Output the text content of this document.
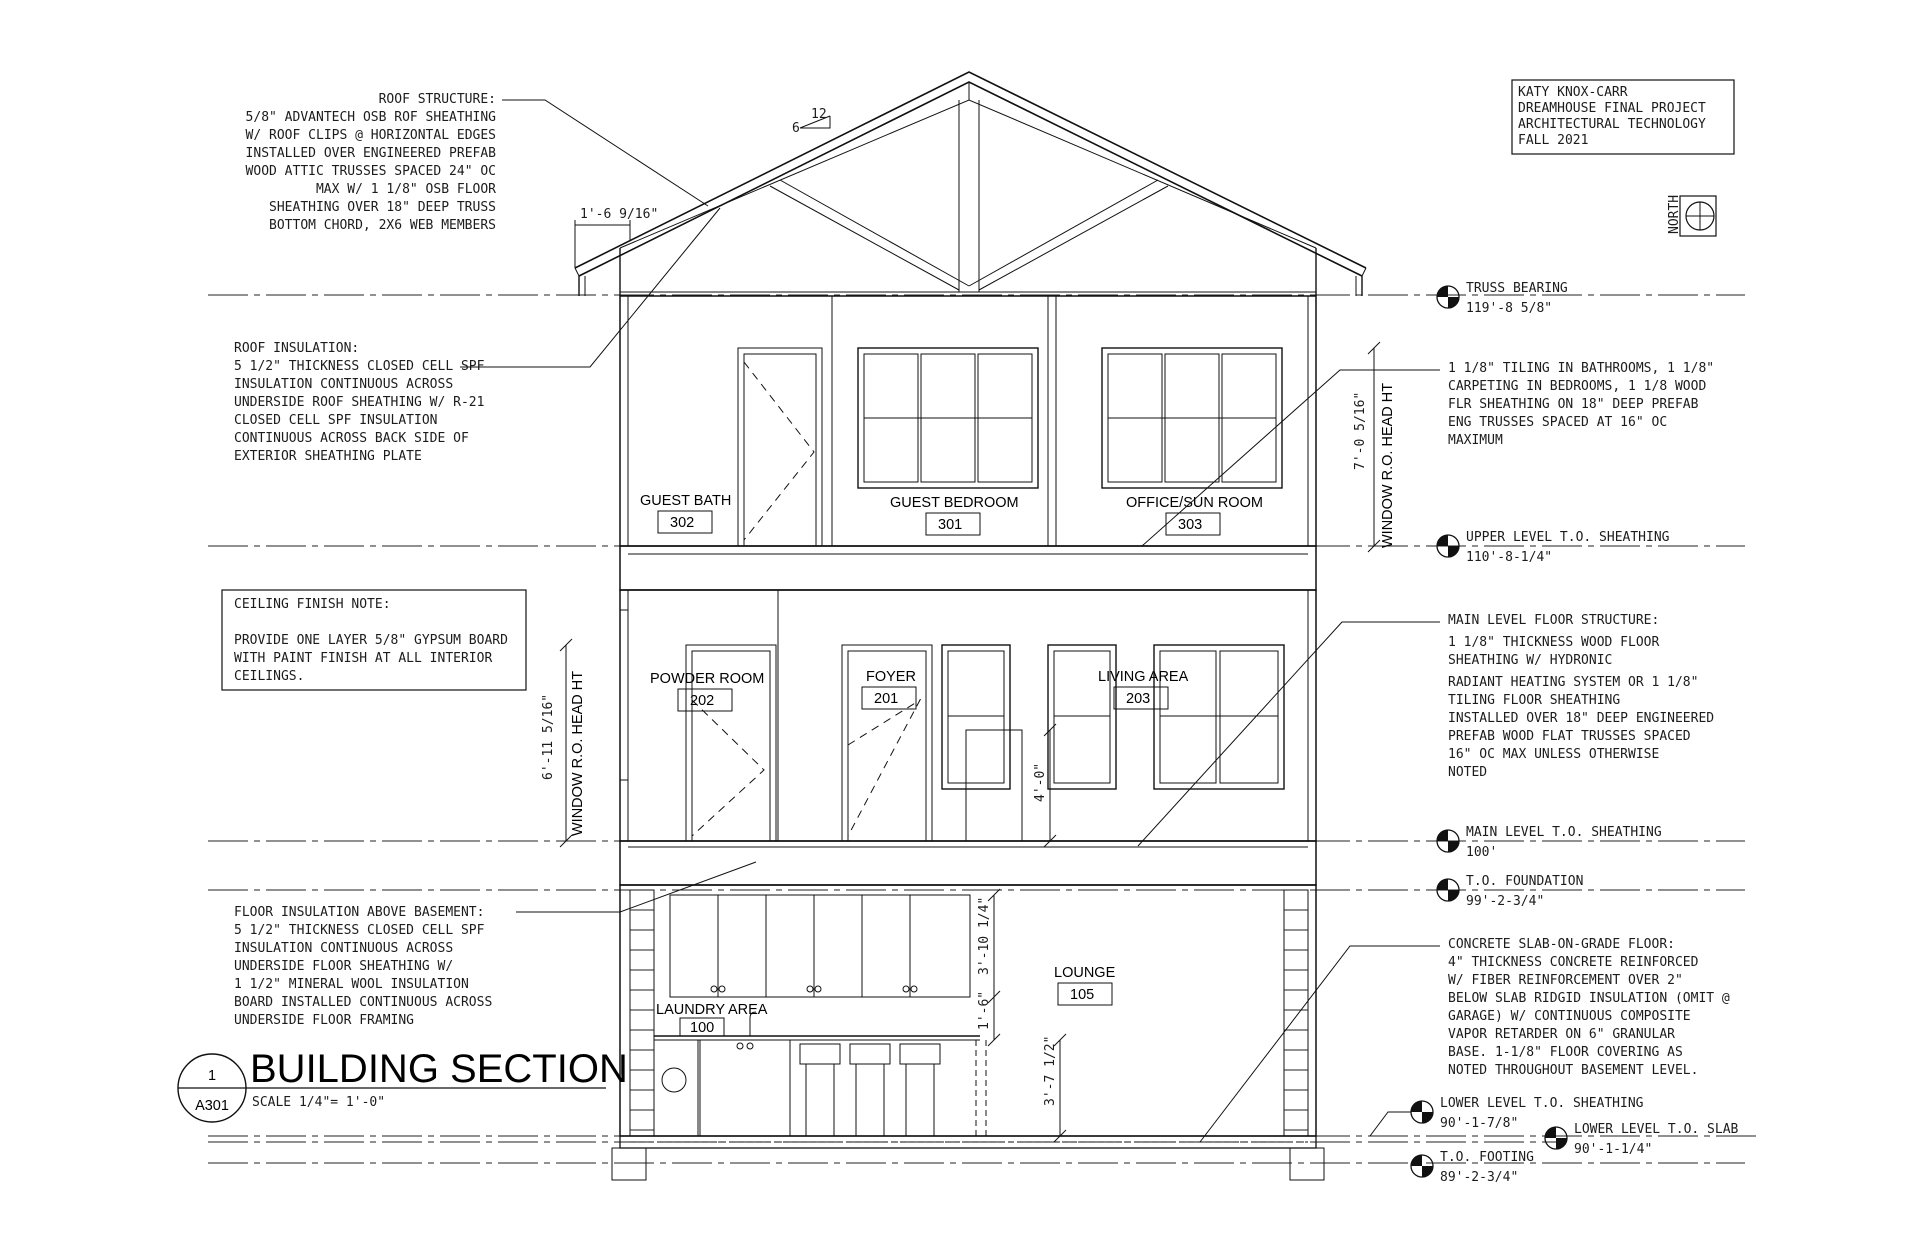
KATY KNOX-CARR
DREAMHOUSE FINAL PROJECT
ARCHITECTURAL TECHNOLOGY
FALL 2021
NORTH
12
6
1'-6 9/16"
GUEST BATH
302
GUEST BEDROOM
301
OFFICE/SUN ROOM
303
POWDER ROOM
202
FOYER
201
LIVING AREA
203
LOUNGE
105
LAUNDRY AREA
100
7'-0 5/16" WINDOW R.O. HEAD HT
6'-11 5/16" WINDOW R.O. HEAD HT	4'-0"
3'-10 1/4"
1'-6"
3'-7 1/2"
ROOF STRUCTURE:
5/8" ADVANTECH OSB ROF SHEATHING
W/ ROOF CLIPS @ HORIZONTAL EDGES
INSTALLED OVER ENGINEERED PREFAB
WOOD ATTIC TRUSSES SPACED 24" OC
MAX W/ 1 1/8" OSB FLOOR
SHEATHING OVER 18" DEEP TRUSS
BOTTOM CHORD, 2X6 WEB MEMBERS
ROOF INSULATION:
5 1/2" THICKNESS CLOSED CELL SPF
INSULATION CONTINUOUS ACROSS
UNDERSIDE ROOF SHEATHING W/ R-21
CLOSED CELL SPF INSULATION
CONTINUOUS ACROSS BACK SIDE OF
EXTERIOR SHEATHING PLATE
CEILING FINISH NOTE:
PROVIDE ONE LAYER 5/8" GYPSUM BOARD
WITH PAINT FINISH AT ALL INTERIOR
CEILINGS.
FLOOR INSULATION ABOVE BASEMENT:
5 1/2" THICKNESS CLOSED CELL SPF
INSULATION CONTINUOUS ACROSS
UNDERSIDE FLOOR SHEATHING W/
1 1/2" MINERAL WOOL INSULATION
BOARD INSTALLED CONTINUOUS ACROSS
UNDERSIDE FLOOR FRAMING
1 1/8" TILING IN BATHROOMS, 1 1/8"
CARPETING IN BEDROOMS, 1 1/8 WOOD
FLR SHEATHING ON 18" DEEP PREFAB
ENG TRUSSES SPACED AT 16" OC
MAXIMUM
MAIN LEVEL FLOOR STRUCTURE:
1 1/8" THICKNESS WOOD FLOOR
SHEATHING W/ HYDRONIC
RADIANT HEATING SYSTEM OR 1 1/8"
TILING FLOOR SHEATHING
INSTALLED OVER 18" DEEP ENGINEERED
PREFAB WOOD FLAT TRUSSES SPACED
16" OC MAX UNLESS OTHERWISE
NOTED
CONCRETE SLAB-ON-GRADE FLOOR:
4" THICKNESS CONCRETE REINFORCED
W/ FIBER REINFORCEMENT OVER 2"
BELOW SLAB RIDGID INSULATION (OMIT @
GARAGE) W/ CONTINUOUS COMPOSITE
VAPOR RETARDER ON 6" GRANULAR
BASE. 1-1/8" FLOOR COVERING AS
NOTED THROUGHOUT BASEMENT LEVEL.
TRUSS BEARING
119'-8 5/8"
UPPER LEVEL T.O. SHEATHING
110'-8-1/4"
MAIN LEVEL T.O. SHEATHING
100'
T.O. FOUNDATION
99'-2-3/4"
LOWER LEVEL T.O. SHEATHING
90'-1-7/8"	LOWER LEVEL T.O. SLAB
90'-1-1/4"
T.O. FOOTING
89'-2-3/4"
1
A301
BUILDING SECTION
SCALE 1/4"= 1'-0"
